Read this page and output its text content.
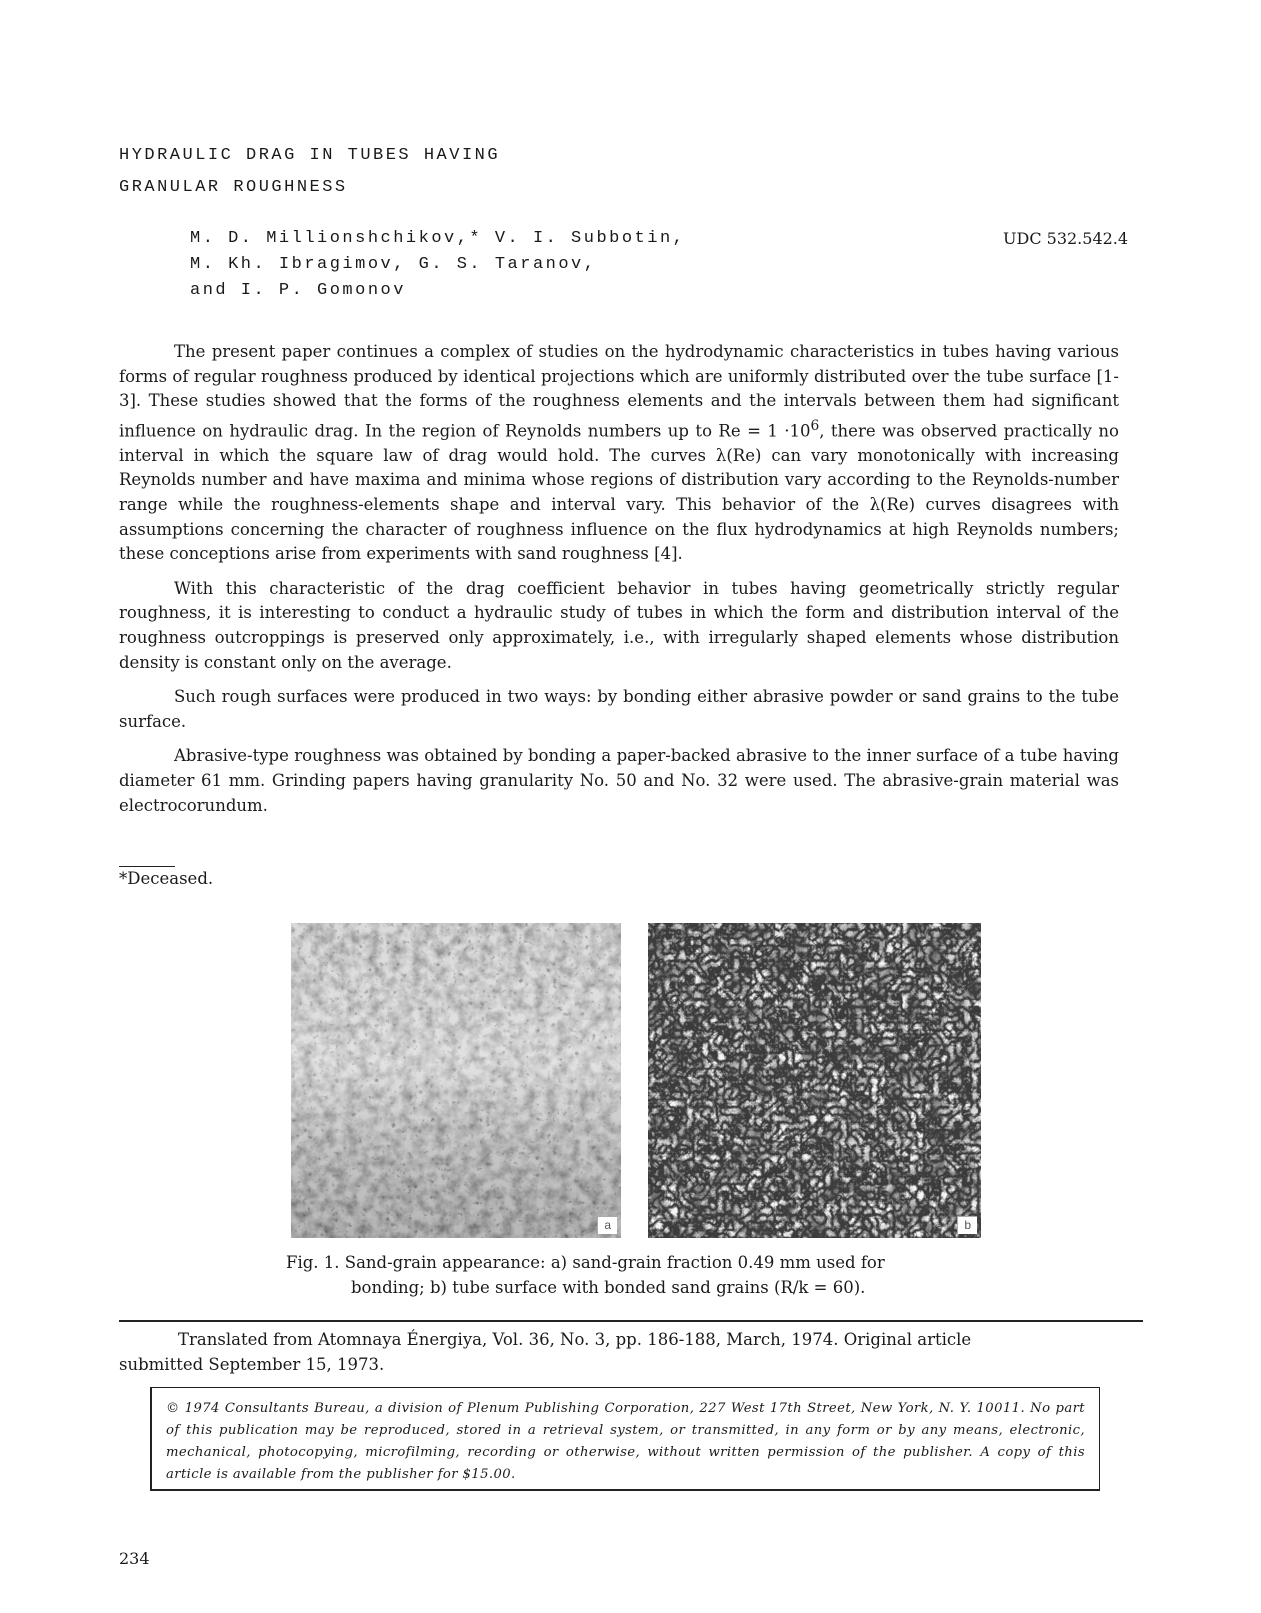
HYDRAULIC DRAG IN TUBES HAVING
GRANULAR ROUGHNESS
M. D. Millionshchikov,* V. I. Subbotin,
M. Kh. Ibragimov, G. S. Taranov,
and I. P. Gomonov
UDC 532.542.4

The present paper continues a complex of studies on the hydrodynamic characteristics in tubes having various forms of regular roughness produced by identical projections which are uniformly distributed over the tube surface [1-3]. These studies showed that the forms of the roughness elements and the intervals between them had significant influence on hydraulic drag. In the region of Reynolds numbers up to $Re = 1 \cdot 10^6$, there was observed practically no interval in which the square law of drag would hold. The curves λ(Re) can vary monotonically with increasing Reynolds number and have maxima and minima whose regions of distribution vary according to the Reynolds-number range while the roughness-elements shape and interval vary. This behavior of the λ(Re) curves disagrees with assumptions concerning the character of roughness influence on the flux hydrodynamics at high Reynolds numbers; these conceptions arise from experiments with sand roughness [4].

With this characteristic of the drag coefficient behavior in tubes having geometrically strictly regular roughness, it is interesting to conduct a hydraulic study of tubes in which the form and distribution interval of the roughness outcroppings is preserved only approximately, i.e., with irregularly shaped elements whose distribution density is constant only on the average.

Such rough surfaces were produced in two ways: by bonding either abrasive powder or sand grains to the tube surface.

Abrasive-type roughness was obtained by bonding a paper-backed abrasive to the inner surface of a tube having diameter 61 mm. Grinding papers having granularity No. 50 and No. 32 were used. The abrasive-grain material was electrocorundum.

*Deceased.
a	b
Fig. 1. Sand-grain appearance: a) sand-grain fraction 0.49 mm used for
bonding; b) tube surface with bonded sand grains (R/k = 60).
Translated from Atomnaya Énergiya, Vol. 36, No. 3, pp. 186-188, March, 1974. Original article
submitted September 15, 1973.
© 1974 Consultants Bureau, a division of Plenum Publishing Corporation, 227 West 17th Street, New York, N. Y. 10011. No part of this publication may be reproduced, stored in a retrieval system, or transmitted, in any form or by any means, electronic, mechanical, photocopying, microfilming, recording or otherwise, without written permission of the publisher. A copy of this article is available from the publisher for $15.00.
234
